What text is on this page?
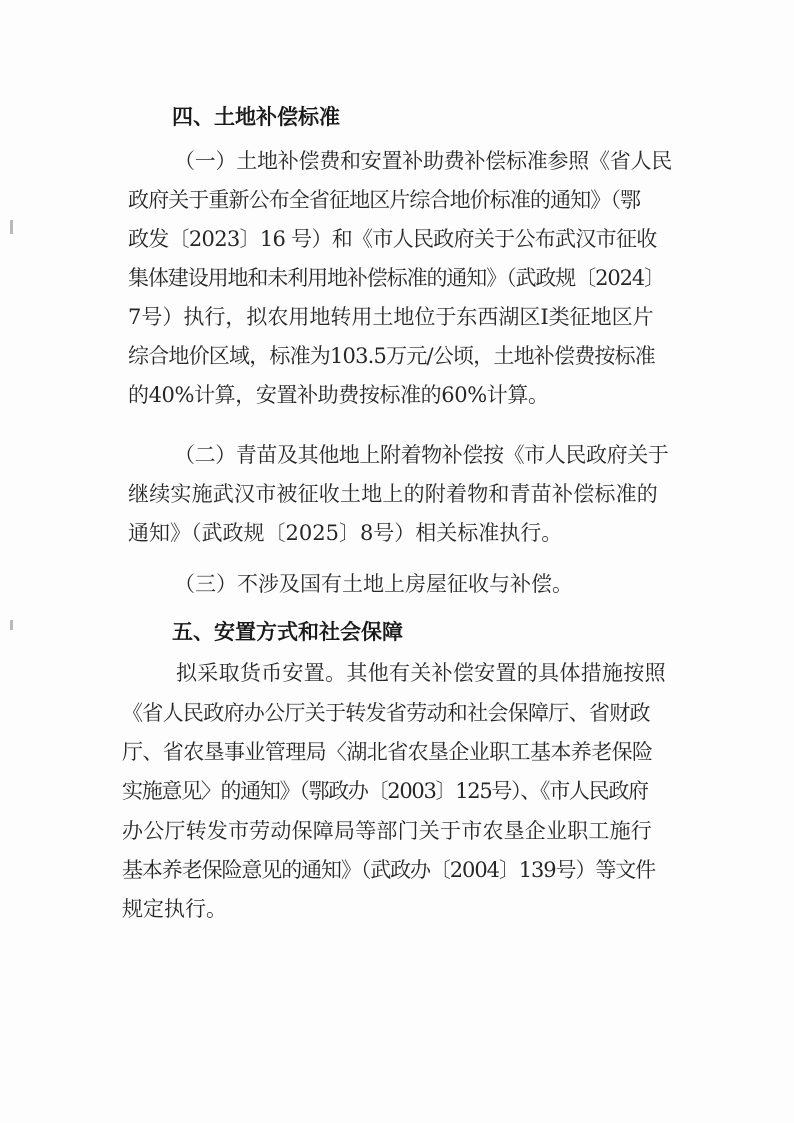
四、土地补偿标准
（一）土地补偿费和安置补助费补偿标准参照《省人民
政府关于重新公布全省征地区片综合地价标准的通知》（鄂
政发〔2023〕16 号）和《市人民政府关于公布武汉市征收
集体建设用地和未利用地补偿标准的通知》（武政规〔2024〕
7号）执行，拟农用地转用土地位于东西湖区Ⅰ类征地区片
综合地价区域，标准为103.5万元/公顷，土地补偿费按标准
的40%计算，安置补助费按标准的60%计算。
（二）青苗及其他地上附着物补偿按《市人民政府关于
继续实施武汉市被征收土地上的附着物和青苗补偿标准的
通知》（武政规〔2025〕8号）相关标准执行。
（三）不涉及国有土地上房屋征收与补偿。
五、安置方式和社会保障
拟采取货币安置。其他有关补偿安置的具体措施按照
《省人民政府办公厅关于转发省劳动和社会保障厅、省财政
厅、省农垦事业管理局〈湖北省农垦企业职工基本养老保险
实施意见〉的通知》（鄂政办〔2003〕125号）、《市人民政府
办公厅转发市劳动保障局等部门关于市农垦企业职工施行
基本养老保险意见的通知》（武政办〔2004〕139号）等文件
规定执行。
